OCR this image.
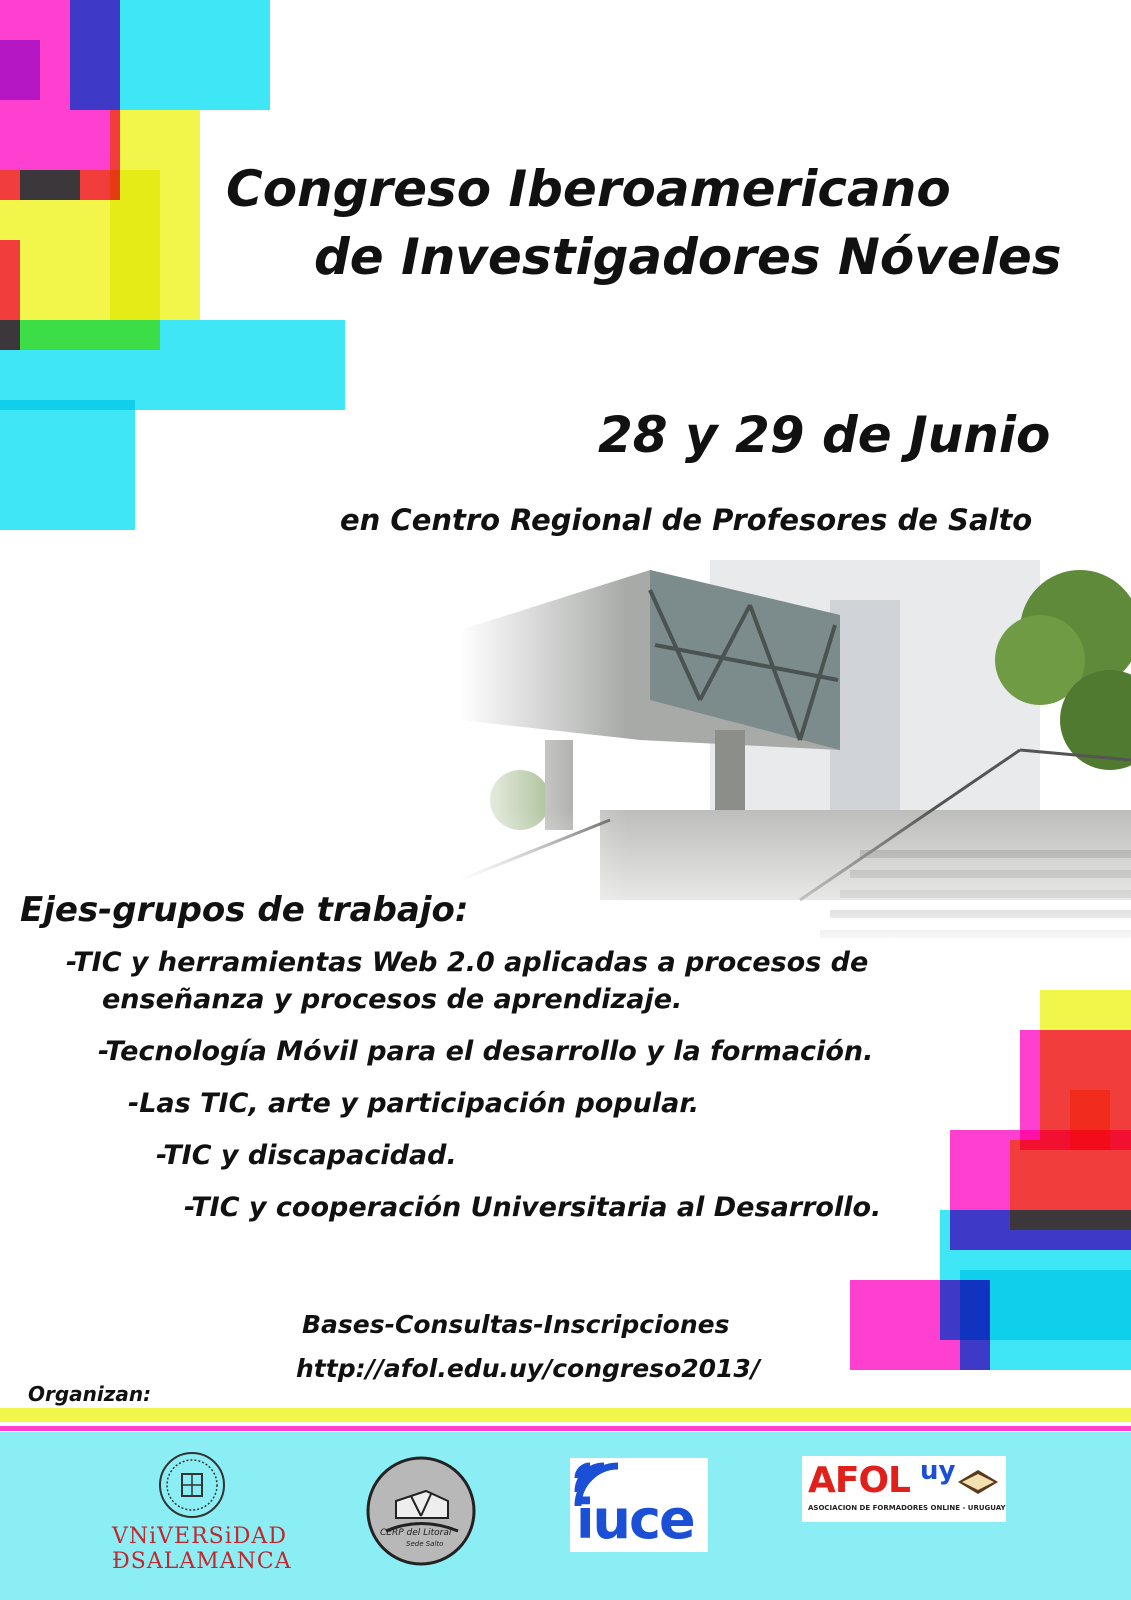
Congreso Iberoamericano
de Investigadores Nóveles
28 y 29 de Junio
en Centro Regional de Profesores de Salto
Ejes-grupos de trabajo:
-TIC y herramientas Web 2.0 aplicadas a procesos de
enseñanza y procesos de aprendizaje.
-Tecnología Móvil para el desarrollo y la formación.
-Las TIC, arte y participación popular.
-TIC y discapacidad.
-TIC y cooperación Universitaria al Desarrollo.
Bases-Consultas-Inscripciones
http://afol.edu.uy/congreso2013/
Organizan:
VNiVERSiDAD
ÐSALAMANCA
CERP del Litoral
Sede Salto iuce
AFOL uy
ASOCIACION DE FORMADORES ONLINE - URUGUAY
